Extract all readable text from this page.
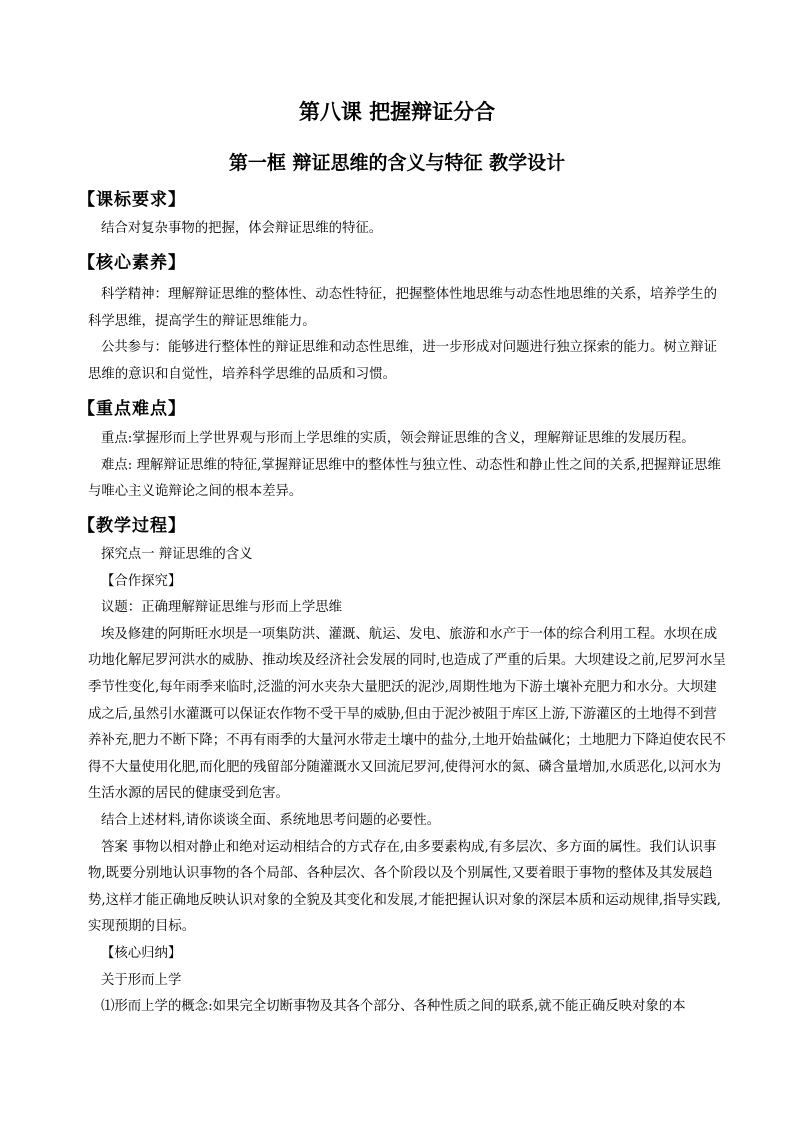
第八课 把握辩证分合
第一框 辩证思维的含义与特征 教学设计
【课标要求】

结合对复杂事物的把握，体会辩证思维的特征。

【核心素养】

科学精神：理解辩证思维的整体性、动态性特征，把握整体性地思维与动态性地思维的关系，培养学生的科学思维，提高学生的辩证思维能力。

公共参与：能够进行整体性的辩证思维和动态性思维，进一步形成对问题进行独立探索的能力。树立辩证思维的意识和自觉性，培养科学思维的品质和习惯。

【重点难点】

重点:掌握形而上学世界观与形而上学思维的实质，领会辩证思维的含义，理解辩证思维的发展历程。

难点: 理解辩证思维的特征,掌握辩证思维中的整体性与独立性、动态性和静止性之间的关系,把握辩证思维与唯心主义诡辩论之间的根本差异。

【教学过程】

探究点一 辩证思维的含义

【合作探究】

议题：正确理解辩证思维与形而上学思维

埃及修建的阿斯旺水坝是一项集防洪、灌溉、航运、发电、旅游和水产于一体的综合利用工程。水坝在成功地化解尼罗河洪水的威胁、推动埃及经济社会发展的同时,也造成了严重的后果。大坝建设之前,尼罗河水呈季节性变化,每年雨季来临时,泛滥的河水夹杂大量肥沃的泥沙,周期性地为下游土壤补充肥力和水分。大坝建成之后,虽然引水灌溉可以保证农作物不受干旱的威胁,但由于泥沙被阻于库区上游,下游灌区的土地得不到营养补充,肥力不断下降；不再有雨季的大量河水带走土壤中的盐分,土地开始盐碱化；土地肥力下降迫使农民不得不大量使用化肥,而化肥的残留部分随灌溉水又回流尼罗河,使得河水的氮、磷含量增加,水质恶化,以河水为生活水源的居民的健康受到危害。

结合上述材料,请你谈谈全面、系统地思考问题的必要性。

答案 事物以相对静止和绝对运动相结合的方式存在,由多要素构成,有多层次、多方面的属性。我们认识事物,既要分别地认识事物的各个局部、各种层次、各个阶段以及个别属性,又要着眼于事物的整体及其发展趋势,这样才能正确地反映认识对象的全貌及其变化和发展,才能把握认识对象的深层本质和运动规律,指导实践,实现预期的目标。

【核心归纳】

关于形而上学

⑴形而上学的概念:如果完全切断事物及其各个部分、各种性质之间的联系,就不能正确反映对象的本
